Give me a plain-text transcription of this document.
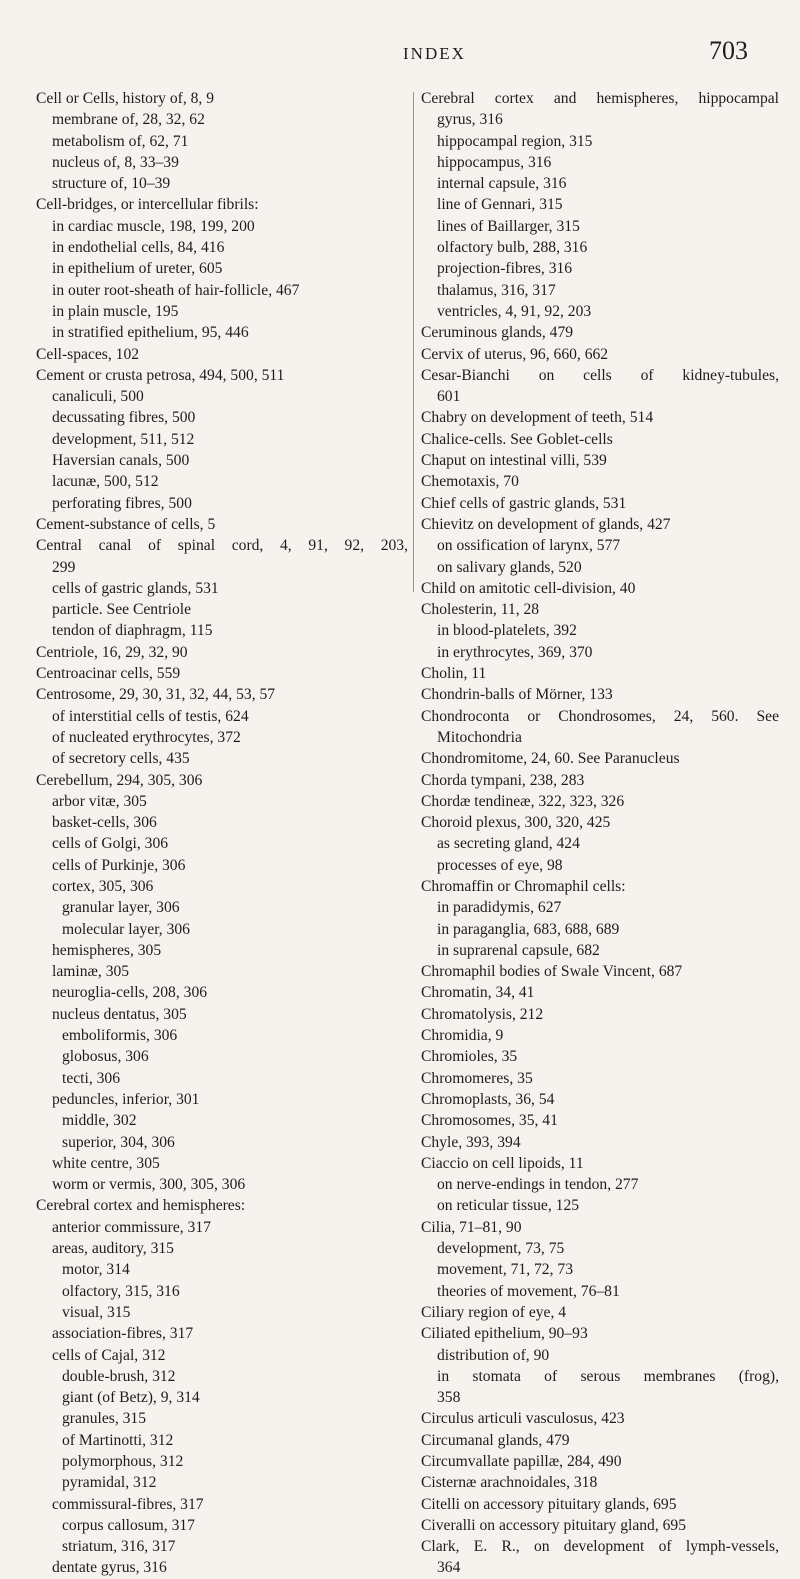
INDEX	703

Cell or Cells, history of, 8, 9

membrane of, 28, 32, 62

metabolism of, 62, 71

nucleus of, 8, 33–39

structure of, 10–39

Cell-bridges, or intercellular fibrils:

in cardiac muscle, 198, 199, 200

in endothelial cells, 84, 416

in epithelium of ureter, 605

in outer root-sheath of hair-follicle, 467

in plain muscle, 195

in stratified epithelium, 95, 446

Cell-spaces, 102

Cement or crusta petrosa, 494, 500, 511

canaliculi, 500

decussating fibres, 500

development, 511, 512

Haversian canals, 500

lacunæ, 500, 512

perforating fibres, 500

Cement-substance of cells, 5

Central canal of spinal cord, 4, 91, 92, 203,

299

cells of gastric glands, 531

particle. See Centriole

tendon of diaphragm, 115

Centriole, 16, 29, 32, 90

Centroacinar cells, 559

Centrosome, 29, 30, 31, 32, 44, 53, 57

of interstitial cells of testis, 624

of nucleated erythrocytes, 372

of secretory cells, 435

Cerebellum, 294, 305, 306

arbor vitæ, 305

basket-cells, 306

cells of Golgi, 306

cells of Purkinje, 306

cortex, 305, 306

granular layer, 306

molecular layer, 306

hemispheres, 305

laminæ, 305

neuroglia-cells, 208, 306

nucleus dentatus, 305

emboliformis, 306

globosus, 306

tecti, 306

peduncles, inferior, 301

middle, 302

superior, 304, 306

white centre, 305

worm or vermis, 300, 305, 306

Cerebral cortex and hemispheres:

anterior commissure, 317

areas, auditory, 315

motor, 314

olfactory, 315, 316

visual, 315

association-fibres, 317

cells of Cajal, 312

double-brush, 312

giant (of Betz), 9, 314

granules, 315

of Martinotti, 312

polymorphous, 312

pyramidal, 312

commissural-fibres, 317

corpus callosum, 317

striatum, 316, 317

dentate gyrus, 316

Cerebral cortex and hemispheres, hippocampal

gyrus, 316

hippocampal region, 315

hippocampus, 316

internal capsule, 316

line of Gennari, 315

lines of Baillarger, 315

olfactory bulb, 288, 316

projection-fibres, 316

thalamus, 316, 317

ventricles, 4, 91, 92, 203

Ceruminous glands, 479

Cervix of uterus, 96, 660, 662

Cesar-Bianchi on cells of kidney-tubules,

601

Chabry on development of teeth, 514

Chalice-cells. See Goblet-cells

Chaput on intestinal villi, 539

Chemotaxis, 70

Chief cells of gastric glands, 531

Chievitz on development of glands, 427

on ossification of larynx, 577

on salivary glands, 520

Child on amitotic cell-division, 40

Cholesterin, 11, 28

in blood-platelets, 392

in erythrocytes, 369, 370

Cholin, 11

Chondrin-balls of Mörner, 133

Chondroconta or Chondrosomes, 24, 560. See

Mitochondria

Chondromitome, 24, 60. See Paranucleus

Chorda tympani, 238, 283

Chordæ tendineæ, 322, 323, 326

Choroid plexus, 300, 320, 425

as secreting gland, 424

processes of eye, 98

Chromaffin or Chromaphil cells:

in paradidymis, 627

in paraganglia, 683, 688, 689

in suprarenal capsule, 682

Chromaphil bodies of Swale Vincent, 687

Chromatin, 34, 41

Chromatolysis, 212

Chromidia, 9

Chromioles, 35

Chromomeres, 35

Chromoplasts, 36, 54

Chromosomes, 35, 41

Chyle, 393, 394

Ciaccio on cell lipoids, 11

on nerve-endings in tendon, 277

on reticular tissue, 125

Cilia, 71–81, 90

development, 73, 75

movement, 71, 72, 73

theories of movement, 76–81

Ciliary region of eye, 4

Ciliated epithelium, 90–93

distribution of, 90

in stomata of serous membranes (frog),

358

Circulus articuli vasculosus, 423

Circumanal glands, 479

Circumvallate papillæ, 284, 490

Cisternæ arachnoidales, 318

Citelli on accessory pituitary glands, 695

Civeralli on accessory pituitary gland, 695

Clark, E. R., on development of lymph-vessels,

364
